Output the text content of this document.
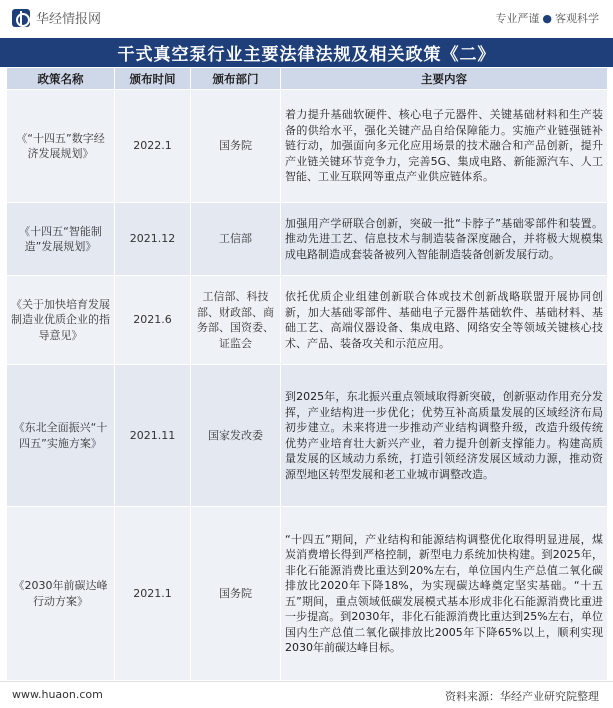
华经情报网	专业严谨 ● 客观科学
干式真空泵行业主要法律法规及相关政策《二》
政策名称	颁布时间	颁布部门	主要内容
《“十四五”数字经济发展规划》	2022.1	国务院	着力提升基础软硬件、核心电子元器件、关键基础材料和生产装备的供给水平，强化关键产品自给保障能力。实施产业链强链补链行动，加强面向多元化应用场景的技术融合和产品创新，提升产业链关键环节竞争力，完善5G、集成电路、新能源汽车、人工智能、工业互联网等重点产业供应链体系。
《十四五“智能制造”发展规划》	2021.12	工信部	加强用产学研联合创新，突破一批“卡脖子”基础零部件和装置。推动先进工艺、信息技术与制造装备深度融合，并将极大规模集成电路制造成套装备被列入智能制造装备创新发展行动。
《关于加快培育发展制造业优质企业的指导意见》	2021.6	工信部、科技部、财政部、商务部、国资委、证监会	依托优质企业组建创新联合体或技术创新战略联盟开展协同创新，加大基础零部件、基础电子元器件基础软件、基础材料、基础工艺、高端仪器设备、集成电路、网络安全等领域关键核心技术、产品、装备攻关和示范应用。
《东北全面振兴“十四五”实施方案》	2021.11	国家发改委	到2025年，东北振兴重点领域取得新突破，创新驱动作用充分发挥，产业结构进一步优化；优势互补高质量发展的区域经济布局初步建立。未来将进一步推动产业结构调整升级，改造升级传统优势产业培育壮大新兴产业，着力提升创新支撑能力。构建高质量发展的区域动力系统，打造引领经济发展区域动力源，推动资源型地区转型发展和老工业城市调整改造。
《2030年前碳达峰行动方案》	2021.1	国务院	“十四五”期间，产业结构和能源结构调整优化取得明显进展，煤炭消费增长得到严格控制，新型电力系统加快构建。到2025年，非化石能源消费比重达到20%左右，单位国内生产总值二氧化碳排放比2020年下降18%，为实现碳达峰奠定坚实基础。“十五五”期间，重点领域低碳发展模式基本形成非化石能源消费比重进一步提高。到2030年，非化石能源消费比重达到25%左右，单位国内生产总值二氧化碳排放比2005年下降65%以上，顺利实现2030年前碳达峰目标。
www.huaon.com	资料来源：华经产业研究院整理
